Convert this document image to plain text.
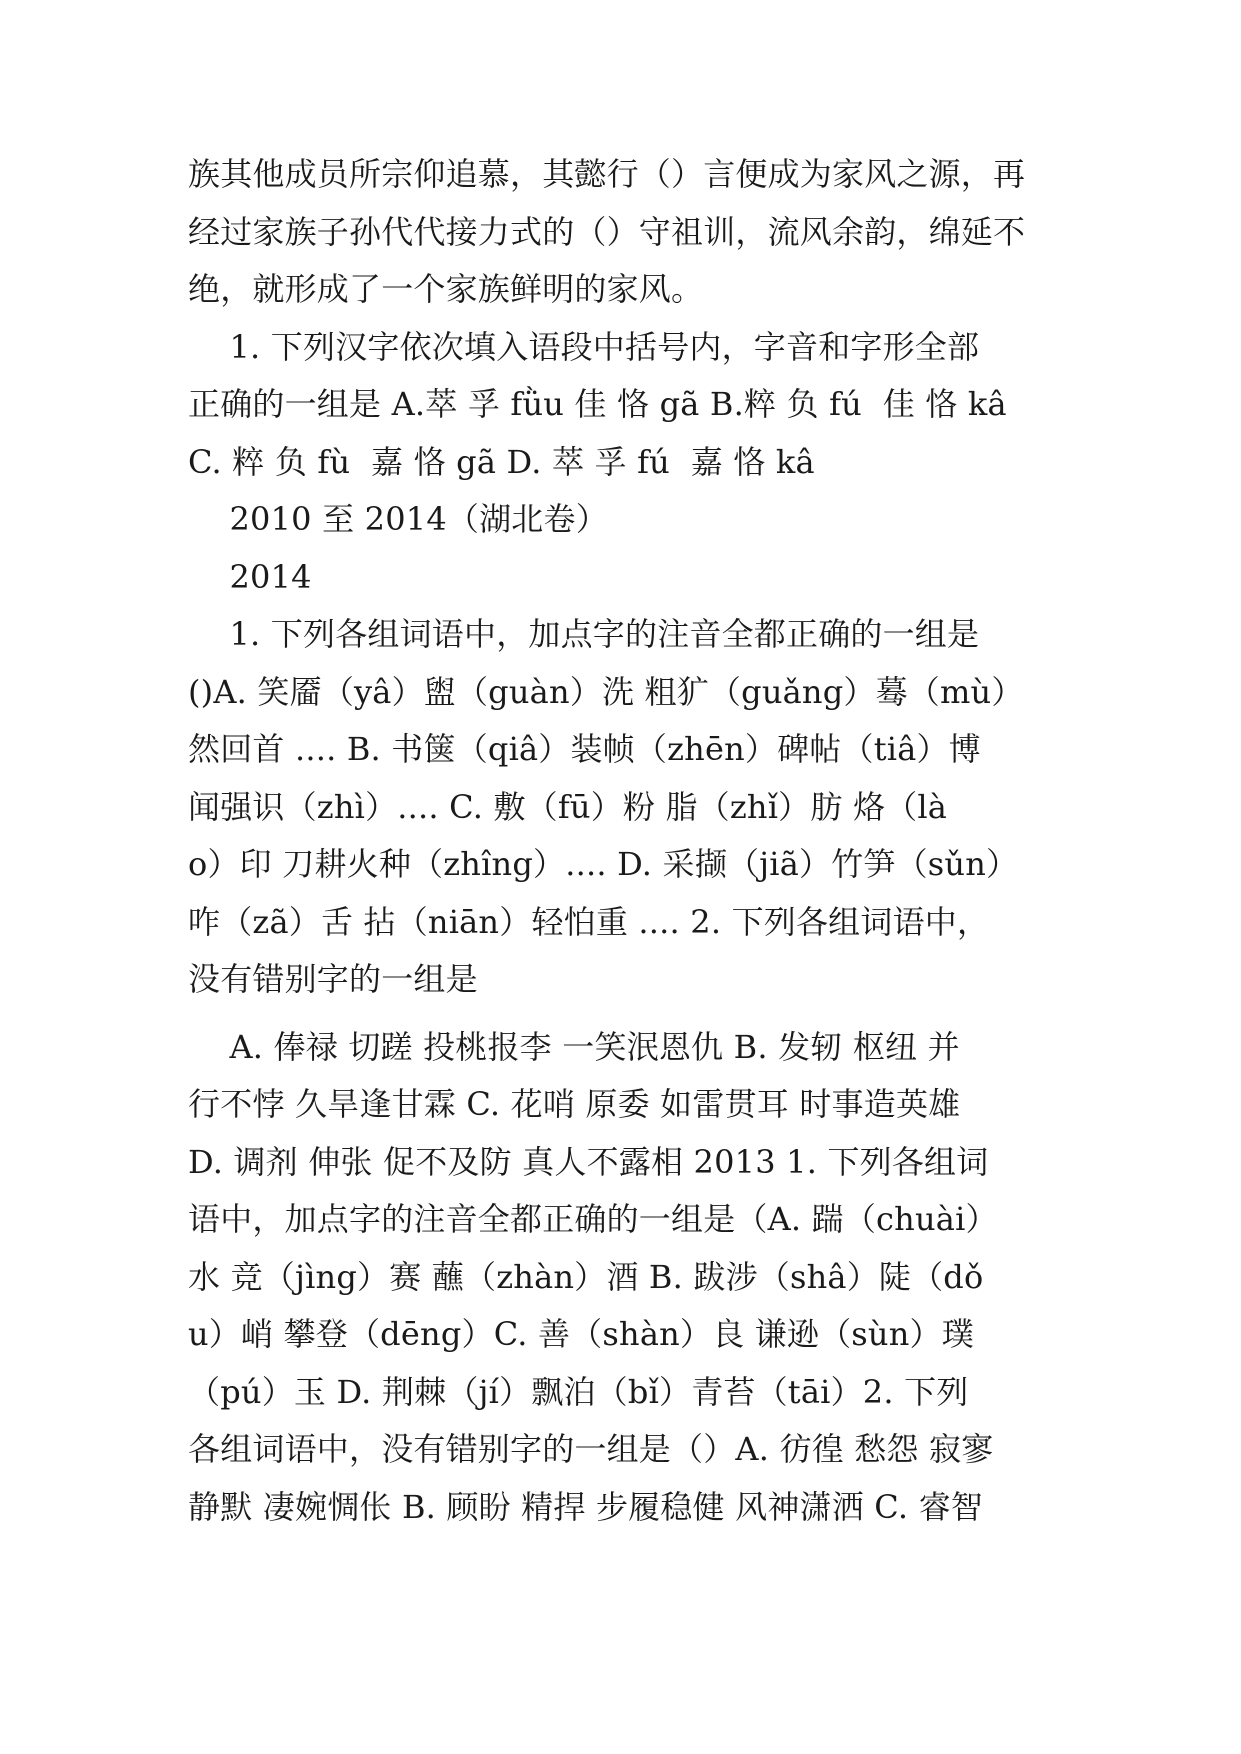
族其他成员所宗仰追慕，其懿行（）言便成为家风之源，再
经过家族子孙代代接力式的（）守祖训，流风余韵，绵延不
绝，就形成了一个家族鲜明的家风。
1. 下列汉字依次填入语段中括号内，字音和字形全部
正确的一组是 A.萃 孚 fǜu 佳 恪 gã B.粹 负 fú  佳 恪 kâ
C. 粹 负 fù  嘉 恪 gã D. 萃 孚 fú  嘉 恪 kâ
2010 至 2014（湖北卷）
2014
1. 下列各组词语中，加点字的注音全都正确的一组是
()A. 笑靥（yâ）盥（guàn）洗 粗犷（guǎng）蓦（mù）
然回首 .... B. 书箧（qiâ）装帧（zhēn）碑帖（tiâ）博
闻强识（zhì）.... C. 敷（fū）粉 脂（zhǐ）肪 烙（là
o）印 刀耕火种（zhîng）.... D. 采撷（jiã）竹笋（sǔn）
咋（zã）舌 拈（niān）轻怕重 .... 2. 下列各组词语中，
没有错别字的一组是
A. 俸禄 切蹉 投桃报李 一笑泯恩仇 B. 发轫 枢纽 并
行不悖 久旱逢甘霖 C. 花哨 原委 如雷贯耳 时事造英雄
D. 调剂 伸张 促不及防 真人不露相 2013 1. 下列各组词
语中，加点字的注音全都正确的一组是（A. 踹（chuài）
水 竞（jìng）赛 蘸（zhàn）酒 B. 跋涉（shâ）陡（dǒ
u）峭 攀登（dēng）C. 善（shàn）良 谦逊（sùn）璞
（pú）玉 D. 荆棘（jí）飘泊（bǐ）青苔（tāi）2. 下列
各组词语中，没有错别字的一组是（）A. 彷徨 愁怨 寂寥
静默 凄婉惆伥 B. 顾盼 精捍 步履稳健 风神潇洒 C. 睿智
